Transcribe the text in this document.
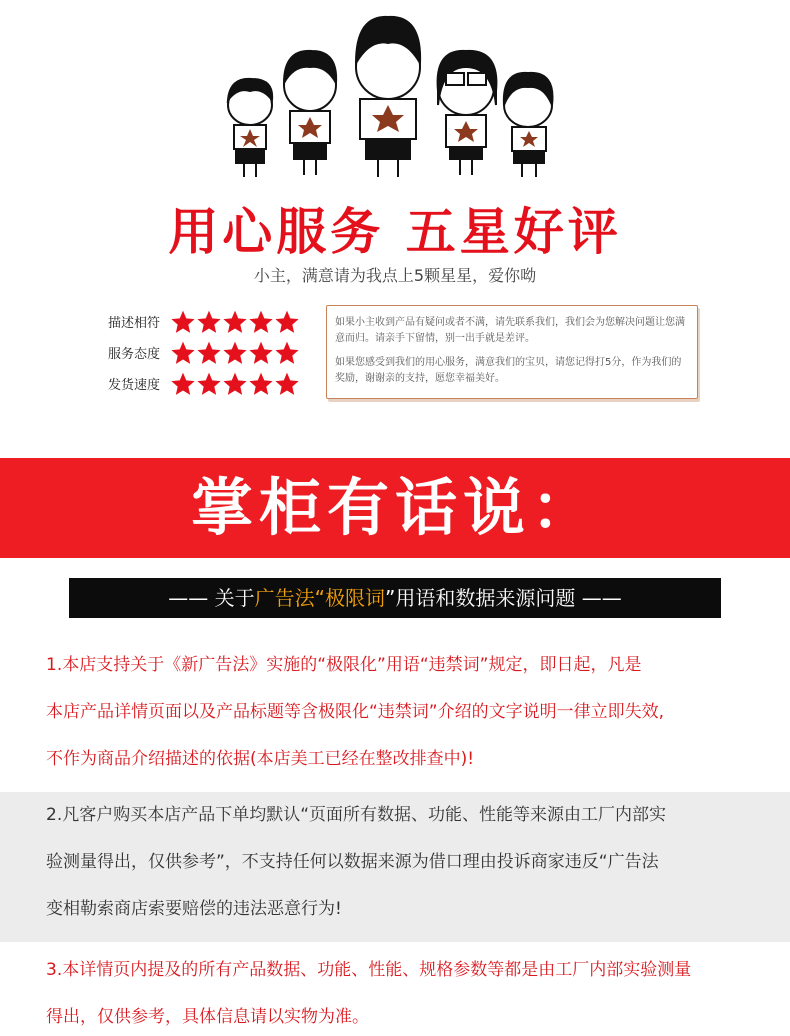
用心服务 五星好评
小主，满意请为我点上5颗星星，爱你呦
描述相符
服务态度
发货速度

如果小主收到产品有疑问或者不满，请先联系我们，我们会为您解决问题让您满意而归。请亲手下留情，别一出手就是差评。

如果您感受到我们的用心服务，满意我们的宝贝，请您记得打5分，作为我们的奖励，谢谢亲的支持，愿您幸福美好。

掌柜有话说：
—— 关于广告法“极限词”用语和数据来源问题 ——
1.本店支持关于《新广告法》实施的“极限化”用语“违禁词”规定，即日起，凡是
本店产品详情页面以及产品标题等含极限化“违禁词”介绍的文字说明一律立即失效,
不作为商品介绍描述的依据(本店美工已经在整改排查中)!
2.凡客户购买本店产品下单均默认“页面所有数据、功能、性能等来源由工厂内部实
验测量得出，仅供参考”，不支持任何以数据来源为借口理由投诉商家违反“广告法
变相勒索商店索要赔偿的违法恶意行为!
3.本详情页内提及的所有产品数据、功能、性能、规格参数等都是由工厂内部实验测量
得出，仅供参考，具体信息请以实物为准。
